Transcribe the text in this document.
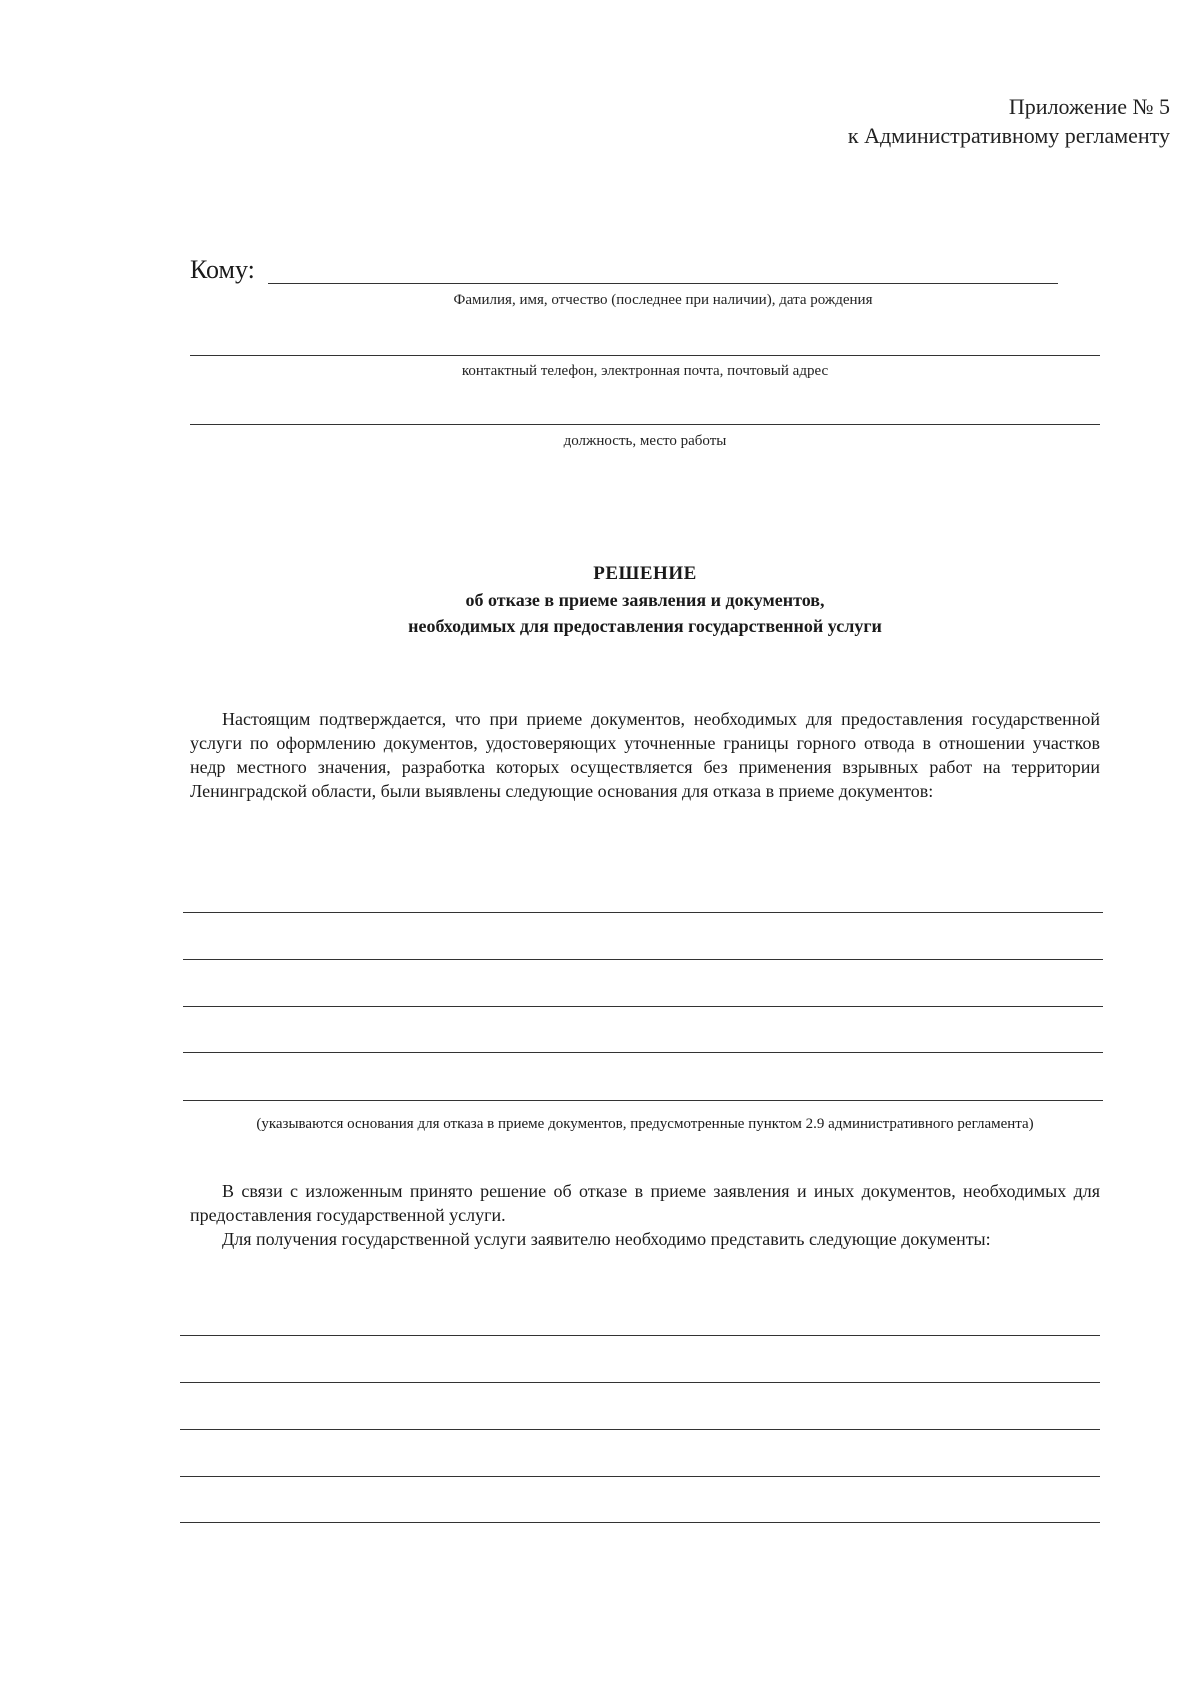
Приложение № 5
к Административному регламенту
Кому:
Фамилия, имя, отчество (последнее при наличии), дата рождения
контактный телефон, электронная почта, почтовый адрес
должность, место работы
РЕШЕНИЕ
об отказе в приеме заявления и документов,
необходимых для предоставления государственной услуги

Настоящим подтверждается, что при приеме документов, необходимых для предоставления государственной услуги по оформлению документов, удостоверяющих уточненные границы горного отвода в отношении участков недр местного значения, разработка которых осуществляется без применения взрывных работ на территории Ленинградской области, были выявлены следующие основания для отказа в приеме документов:

(указываются основания для отказа в приеме документов, предусмотренные пунктом 2.9 административного регламента)

В связи с изложенным принято решение об отказе в приеме заявления и иных документов, необходимых для предоставления государственной услуги.

Для получения государственной услуги заявителю необходимо представить следующие документы:
